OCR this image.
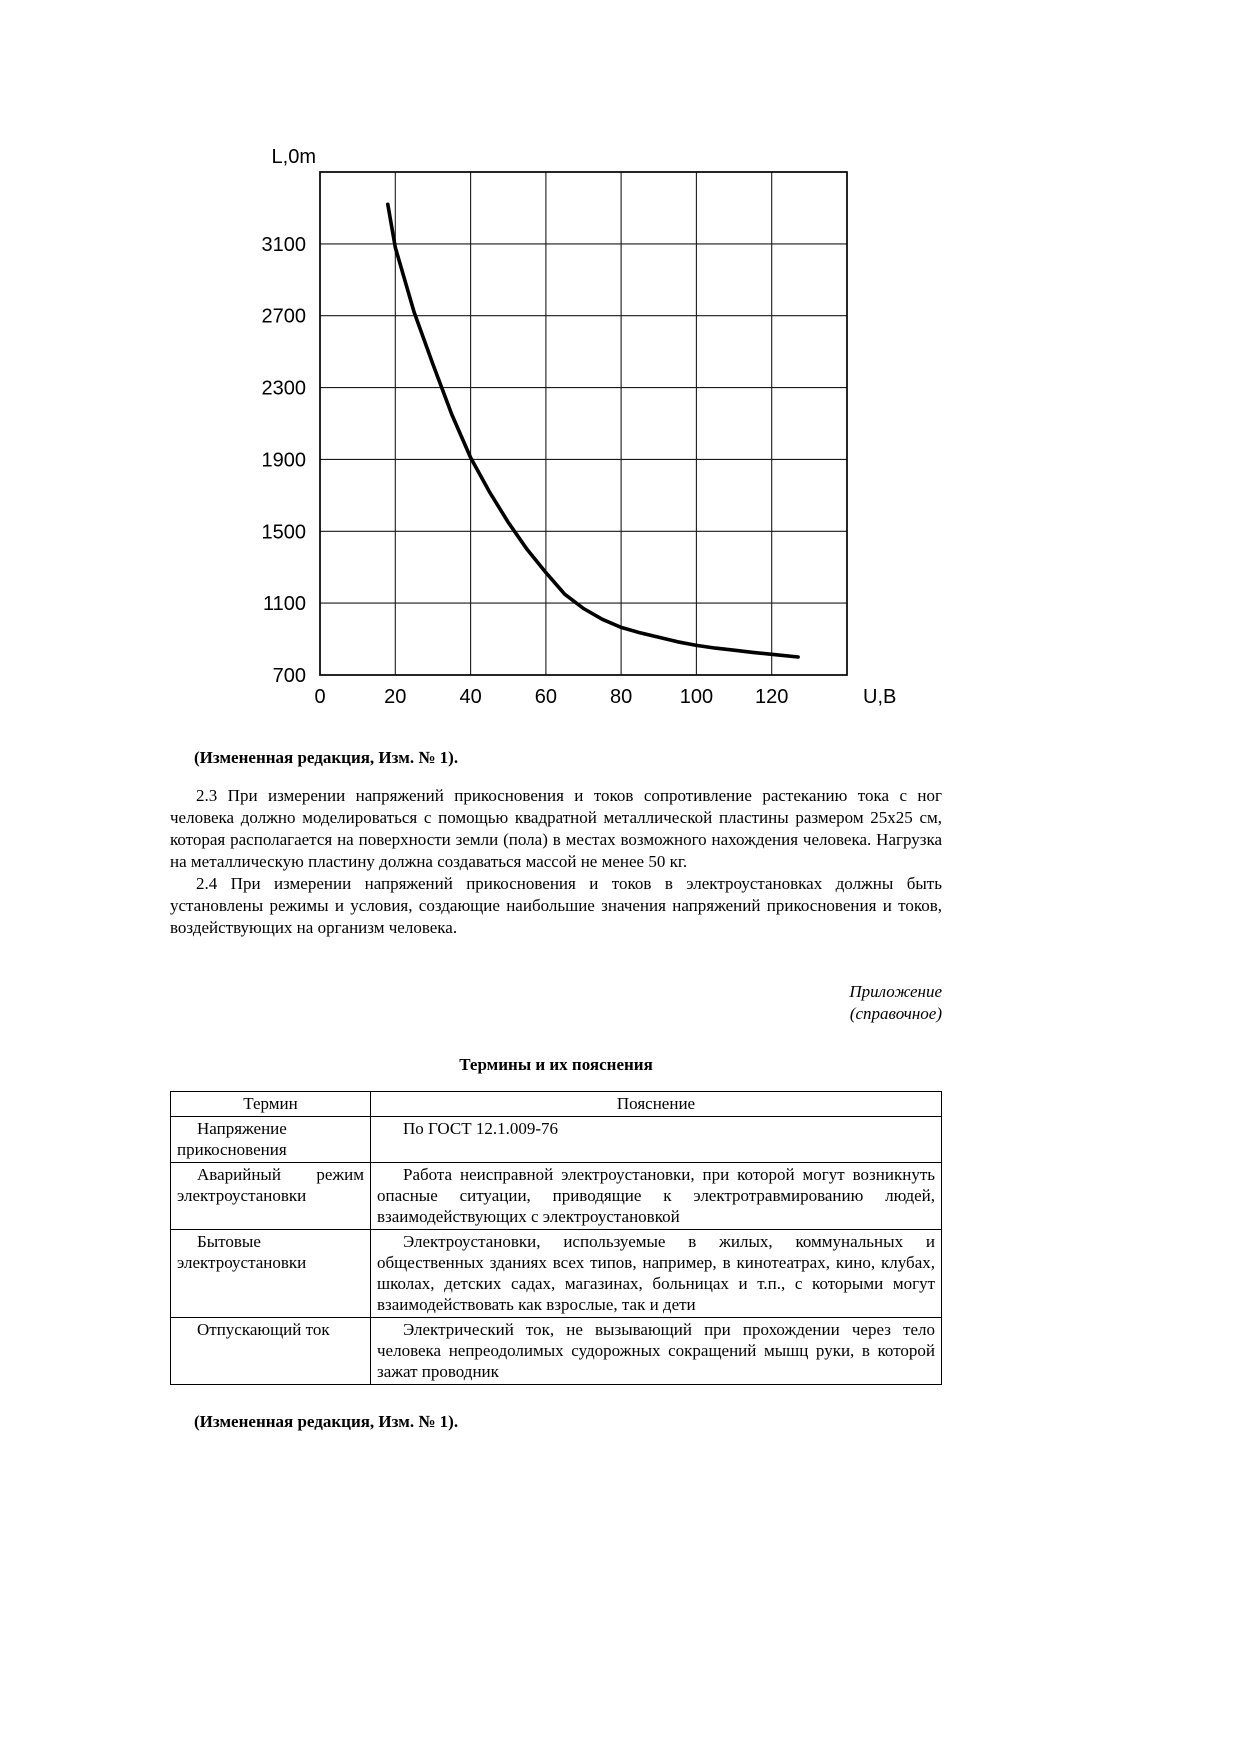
700
1100
1500
1900
2300
2700
3100
0	20	40	60	80 100 120
L,0m
U,B

(Измененная редакция, Изм. № 1).

2.3 При измерении напряжений прикосновения и токов сопротивление растеканию тока с ног человека должно моделироваться с помощью квадратной металлической пластины размером 25х25 см, которая располагается на поверхности земли (пола) в местах возможного нахождения человека. Нагрузка на металлическую пластину должна создаваться массой не менее 50 кг.

2.4 При измерении напряжений прикосновения и токов в электроустановках должны быть установлены режимы и условия, создающие наибольшие значения напряжений прикосновения и токов, воздействующих на организм человека.

Приложение
(справочное)
Термины и их пояснения
Термин	Пояснение
Напряжение прикосновения	По ГОСТ 12.1.009-76
Аварийный режим электроустановки	Работа неисправной электроустановки, при которой могут возникнуть опасные ситуации, приводящие к электротравмированию людей, взаимодействующих с электроустановкой
Бытовые электроустановки	Электроустановки, используемые в жилых, коммунальных и общественных зданиях всех типов, например, в кинотеатрах, кино, клубах, школах, детских садах, магазинах, больницах и т.п., с которыми могут взаимодействовать как взрослые, так и дети
Отпускающий ток	Электрический ток, не вызывающий при прохождении через тело человека непреодолимых судорожных сокращений мышц руки, в которой зажат проводник

(Измененная редакция, Изм. № 1).
